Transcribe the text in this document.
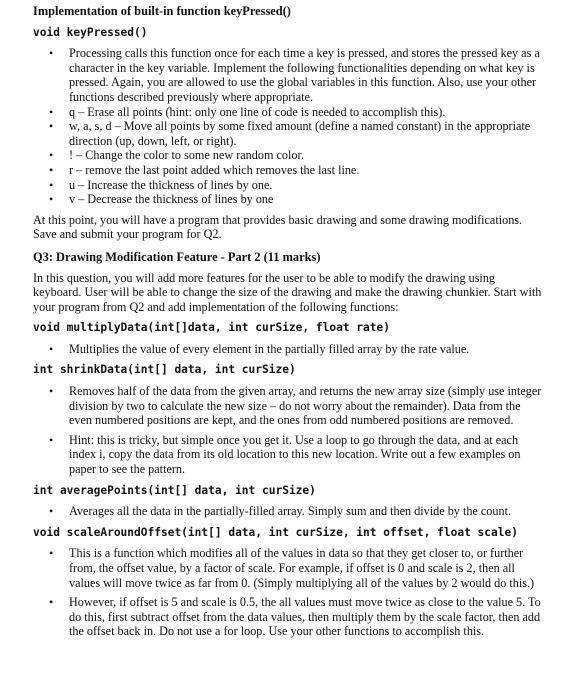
Implementation of built-in function keyPressed()

void keyPressed()

• Processing calls this function once for each time a key is pressed, and stores the pressed key as a character in the key variable. Implement the following functionalities depending on what key is pressed. Again, you are allowed to use the global variables in this function. Also, use your other functions described previously where appropriate.
• q – Erase all points (hint: only one line of code is needed to accomplish this).
• w, a, s, d – Move all points by some fixed amount (define a named constant) in the appropriate direction (up, down, left, or right).
• ! – Change the color to some new random color.
• r – remove the last point added which removes the last line.
• u – Increase the thickness of lines by one.
• v – Decrease the thickness of lines by one

At this point, you will have a program that provides basic drawing and some drawing modifications. Save and submit your program for Q2.

Q3: Drawing Modification Feature - Part 2 (11 marks)

In this question, you will add more features for the user to be able to modify the drawing using keyboard. User will be able to change the size of the drawing and make the drawing chunkier. Start with your program from Q2 and add implementation of the following functions:

void multiplyData(int[]data, int curSize, float rate)

• Multiplies the value of every element in the partially filled array by the rate value.

int shrinkData(int[] data, int curSize)

• Removes half of the data from the given array, and returns the new array size (simply use integer division by two to calculate the new size – do not worry about the remainder). Data from the even numbered positions are kept, and the ones from odd numbered positions are removed.
• Hint: this is tricky, but simple once you get it. Use a loop to go through the data, and at each index i, copy the data from its old location to this new location. Write out a few examples on paper to see the pattern.

int averagePoints(int[] data, int curSize)

• Averages all the data in the partially-filled array. Simply sum and then divide by the count.

void scaleAroundOffset(int[] data, int curSize, int offset, float scale)

• This is a function which modifies all of the values in data so that they get closer to, or further from, the offset value, by a factor of scale. For example, if offset is 0 and scale is 2, then all values will move twice as far from 0. (Simply multiplying all of the values by 2 would do this.)
• However, if offset is 5 and scale is 0.5, the all values must move twice as close to the value 5. To do this, first subtract offset from the data values, then multiply them by the scale factor, then add the offset back in. Do not use a for loop. Use your other functions to accomplish this.
